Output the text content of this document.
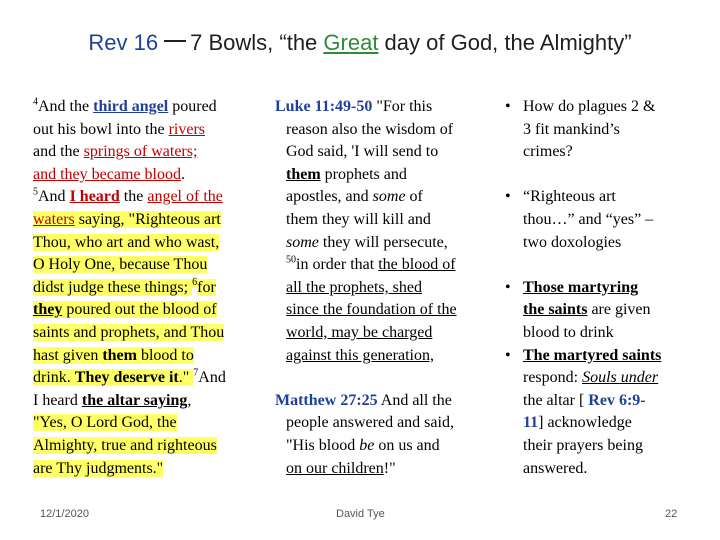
Rev 16 7 Bowls, “the Great day of God, the Almighty”
$^4$And the third angel poured
out his bowl into the rivers
and the springs of waters;
and they became blood.
$^5$And I heard the angel of the
waters saying, "Righteous art
Thou, who art and who wast,
O Holy One, because Thou
didst judge these things; $^6$for
they poured out the blood of
saints and prophets, and Thou
hast given them blood to
drink. They deserve it." $^7$And
I heard the altar saying,
"Yes, O Lord God, the
Almighty, true and righteous
are Thy judgments."
Luke 11:49-50 "For this
reason also the wisdom of
God said, 'I will send to
them prophets and
apostles, and some of
them they will kill and
some they will persecute,
$^{50}$in order that the blood of
all the prophets, shed
since the foundation of the
world, may be charged
against this generation,

Matthew 27:25 And all the
people answered and said,
"His blood be on us and
on our children!"
• How do plagues 2 &
3 fit mankind’s
crimes?

• “Righteous art
thou…” and “yes” –
two doxologies

• Those martyring
the saints are given
blood to drink
• The martyred saints
respond: Souls under
the altar [ Rev 6:9-
11] acknowledge
their prayers being
answered.
12/1/2020	David Tye	22
